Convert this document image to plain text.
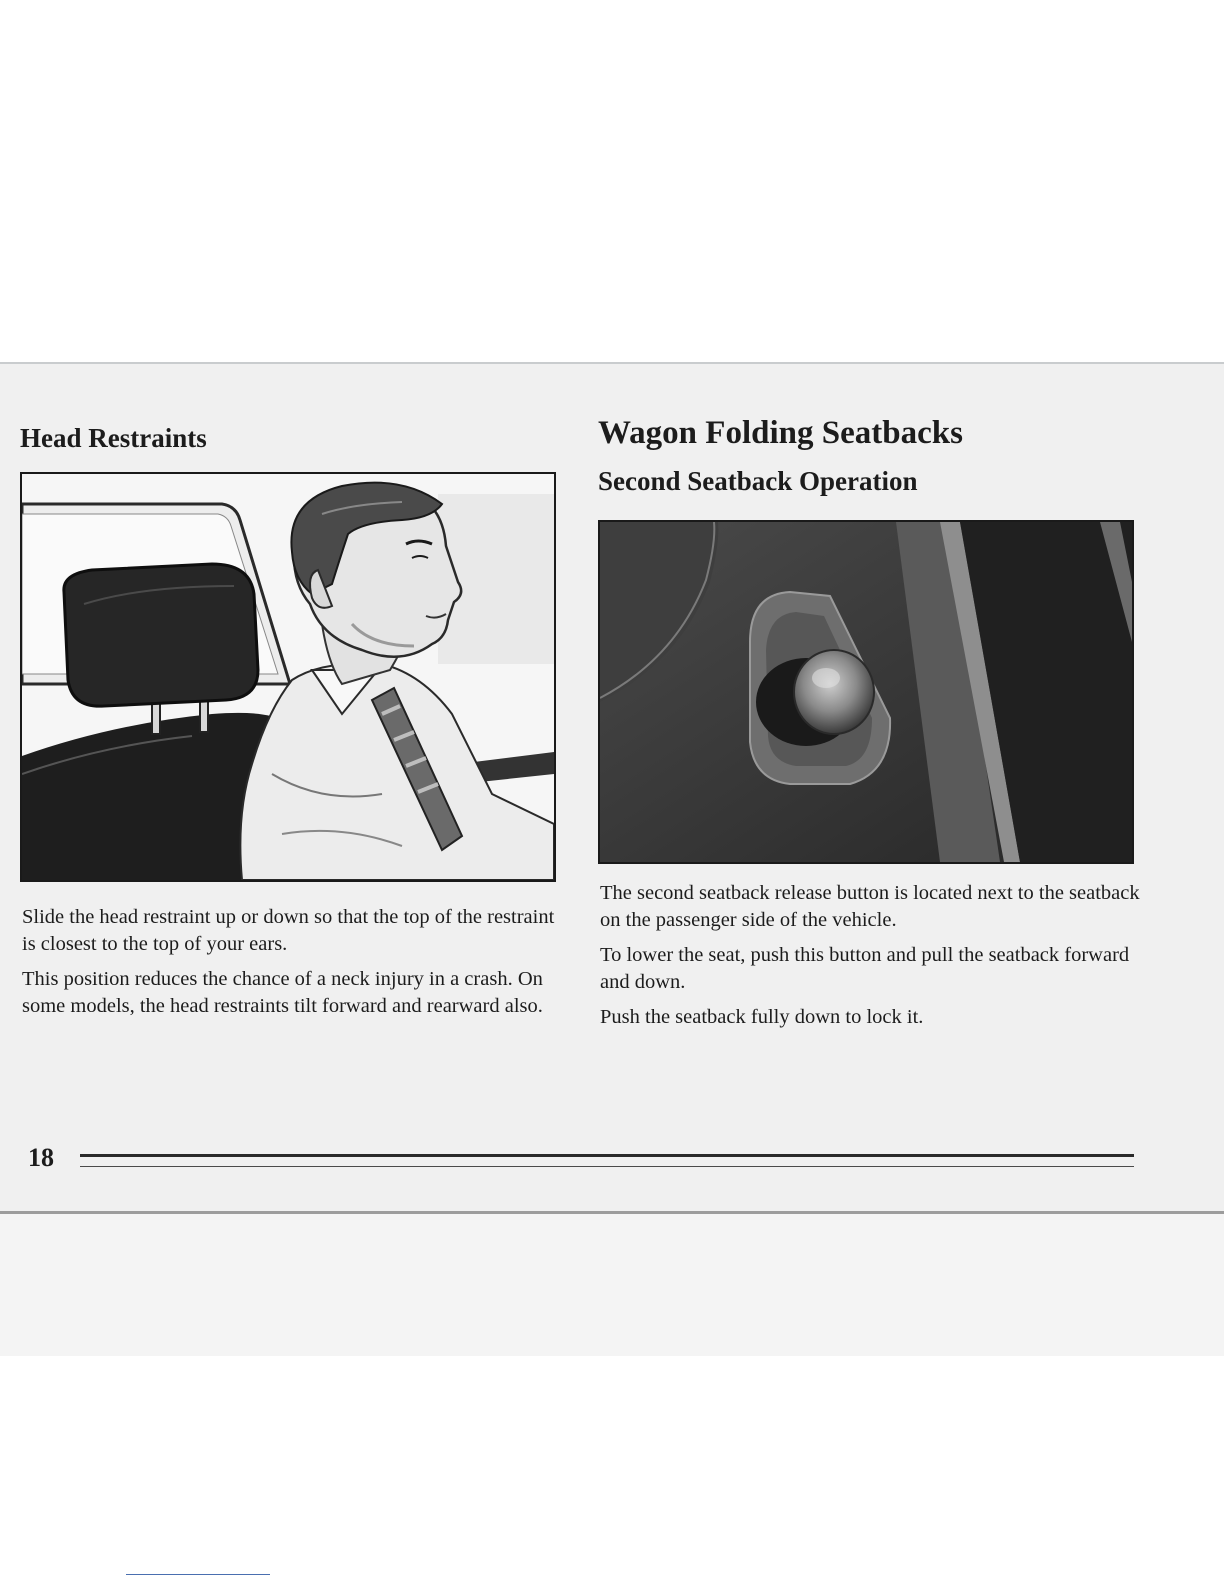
Head Restraints

Slide the head restraint up or down so that the top of the restraint is closest to the top of your ears.

This position reduces the chance of a neck injury in a crash. On some models, the head restraints tilt forward and rearward also.

Wagon Folding Seatbacks
Second Seatback Operation

The second seatback release button is located next to the seatback on the passenger side of the vehicle.

To lower the seat, push this button and pull the seatback forward and down.

Push the seatback fully down to lock it.

18
